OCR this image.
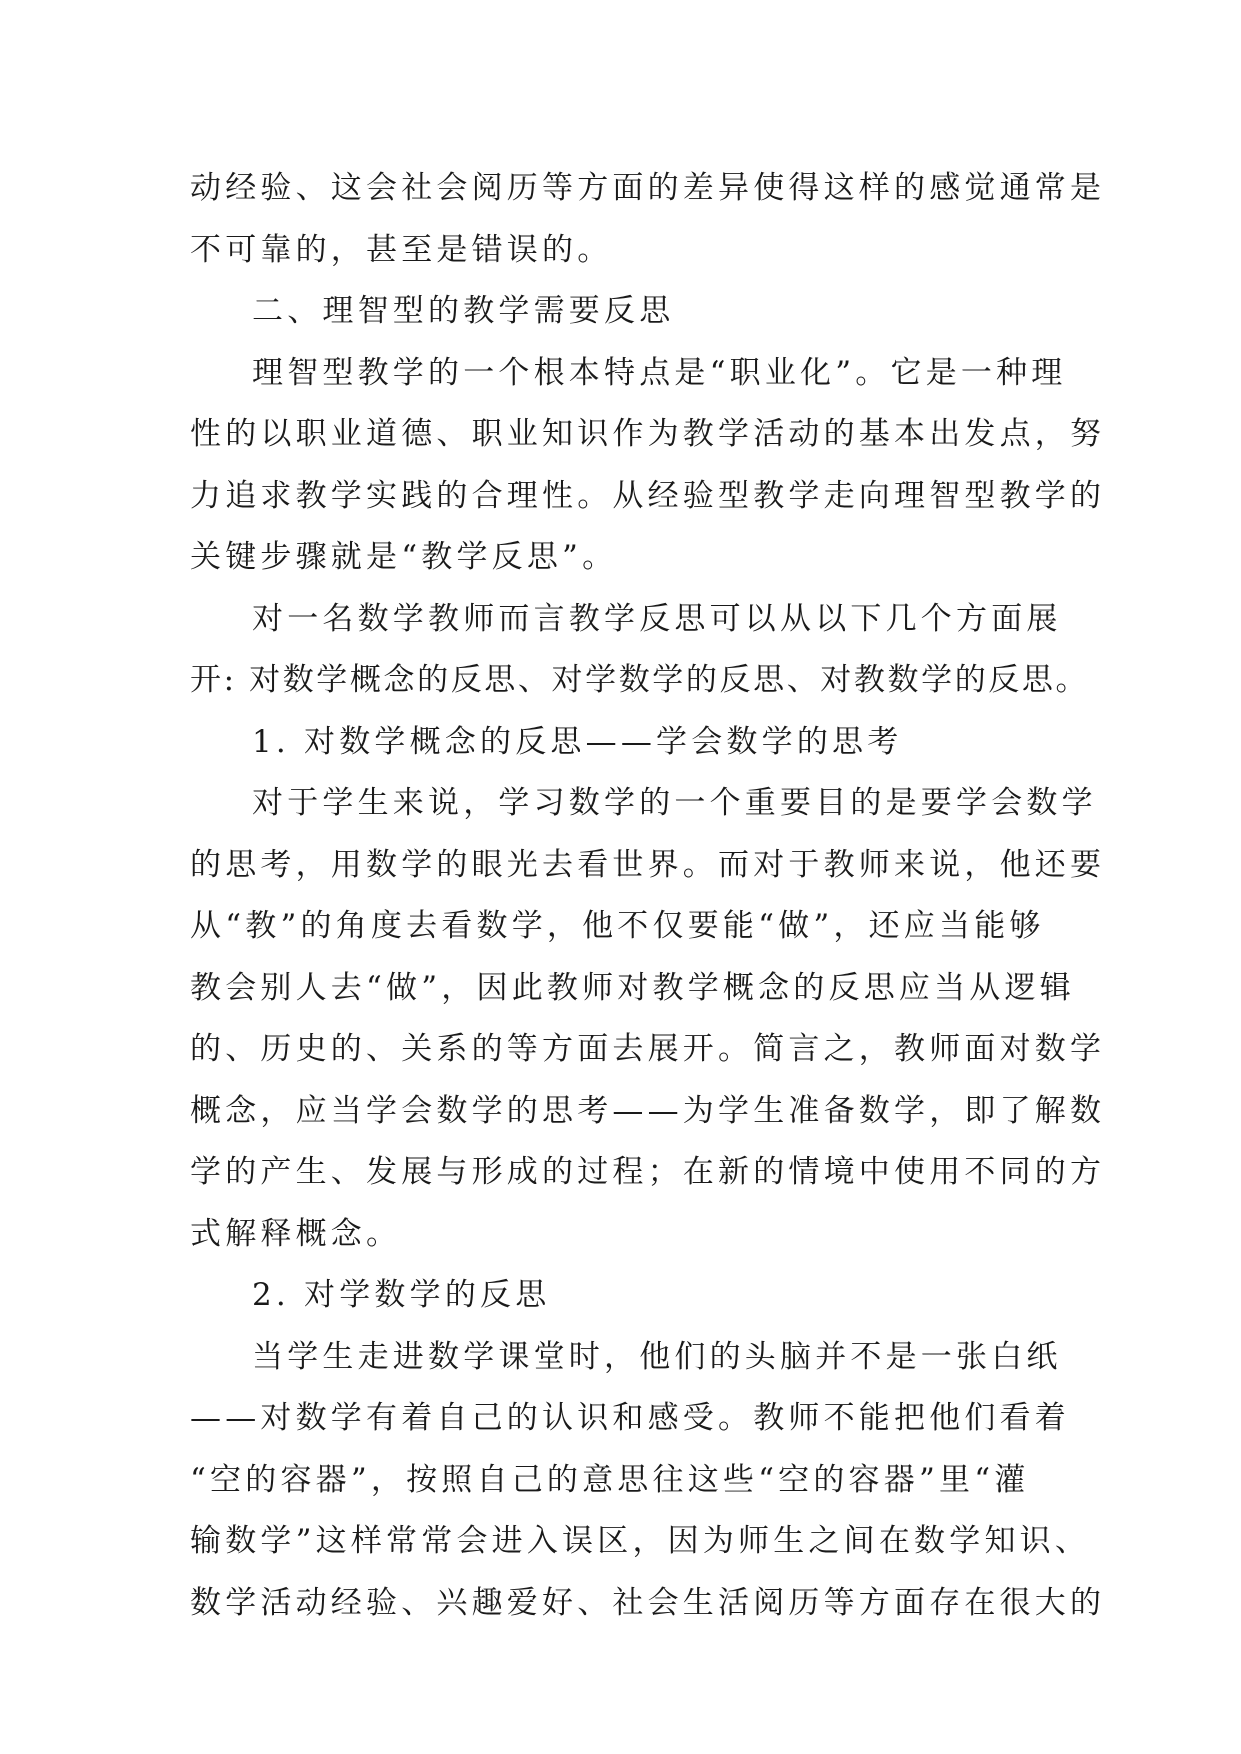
动经验、这会社会阅历等方面的差异使得这样的感觉通常是
不可靠的，甚至是错误的。
二、理智型的教学需要反思
理智型教学的一个根本特点是“职业化”。它是一种理
性的以职业道德、职业知识作为教学活动的基本出发点，努
力追求教学实践的合理性。从经验型教学走向理智型教学的
关键步骤就是“教学反思”。
对一名数学教师而言教学反思可以从以下几个方面展
开: 对数学概念的反思、对学数学的反思、对教数学的反思。
1. 对数学概念的反思——学会数学的思考
对于学生来说，学习数学的一个重要目的是要学会数学
的思考，用数学的眼光去看世界。而对于教师来说，他还要
从“教”的角度去看数学，他不仅要能“做”，还应当能够
教会别人去“做”，因此教师对教学概念的反思应当从逻辑
的、历史的、关系的等方面去展开。简言之，教师面对数学
概念，应当学会数学的思考——为学生准备数学，即了解数
学的产生、发展与形成的过程；在新的情境中使用不同的方
式解释概念。
2. 对学数学的反思
当学生走进数学课堂时，他们的头脑并不是一张白纸
——对数学有着自己的认识和感受。教师不能把他们看着
“空的容器”，按照自己的意思往这些“空的容器”里“灌
输数学”这样常常会进入误区，因为师生之间在数学知识、
数学活动经验、兴趣爱好、社会生活阅历等方面存在很大的
